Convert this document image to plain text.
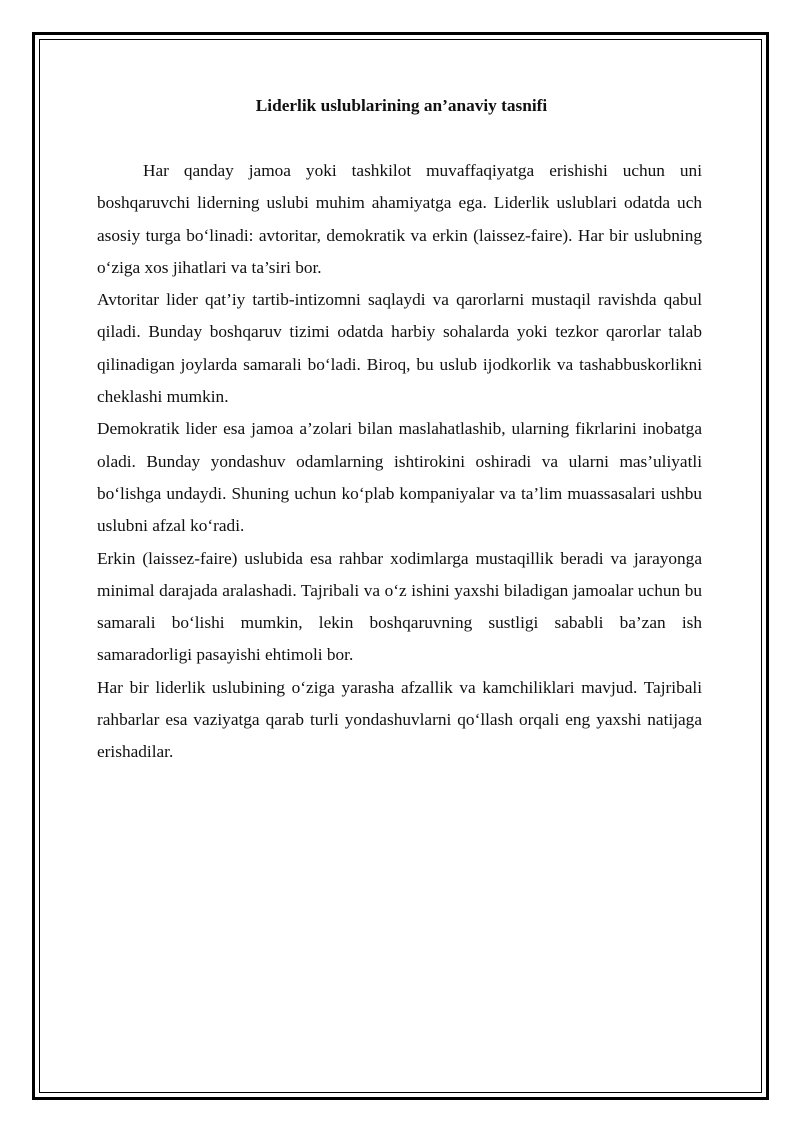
Liderlik uslublarining an’anaviy tasnifi

Har qanday jamoa yoki tashkilot muvaffaqiyatga erishishi uchun uni boshqaruvchi liderning uslubi muhim ahamiyatga ega. Liderlik uslublari odatda uch asosiy turga bo‘linadi: avtoritar, demokratik va erkin (laissez-faire). Har bir uslubning o‘ziga xos jihatlari va ta’siri bor.

Avtoritar lider qat’iy tartib-intizomni saqlaydi va qarorlarni mustaqil ravishda qabul qiladi. Bunday boshqaruv tizimi odatda harbiy sohalarda yoki tezkor qarorlar talab qilinadigan joylarda samarali bo‘ladi. Biroq, bu uslub ijodkorlik va tashabbuskorlikni cheklashi mumkin.

Demokratik lider esa jamoa a’zolari bilan maslahatlashib, ularning fikrlarini inobatga oladi. Bunday yondashuv odamlarning ishtirokini oshiradi va ularni mas’uliyatli bo‘lishga undaydi. Shuning uchun ko‘plab kompaniyalar va ta’lim muassasalari ushbu uslubni afzal ko‘radi.

Erkin (laissez-faire) uslubida esa rahbar xodimlarga mustaqillik beradi va jarayonga minimal darajada aralashadi. Tajribali va o‘z ishini yaxshi biladigan jamoalar uchun bu samarali bo‘lishi mumkin, lekin boshqaruvning sustligi sababli ba’zan ish samaradorligi pasayishi ehtimoli bor.

Har bir liderlik uslubining o‘ziga yarasha afzallik va kamchiliklari mavjud. Tajribali rahbarlar esa vaziyatga qarab turli yondashuvlarni qo‘llash orqali eng yaxshi natijaga erishadilar.
